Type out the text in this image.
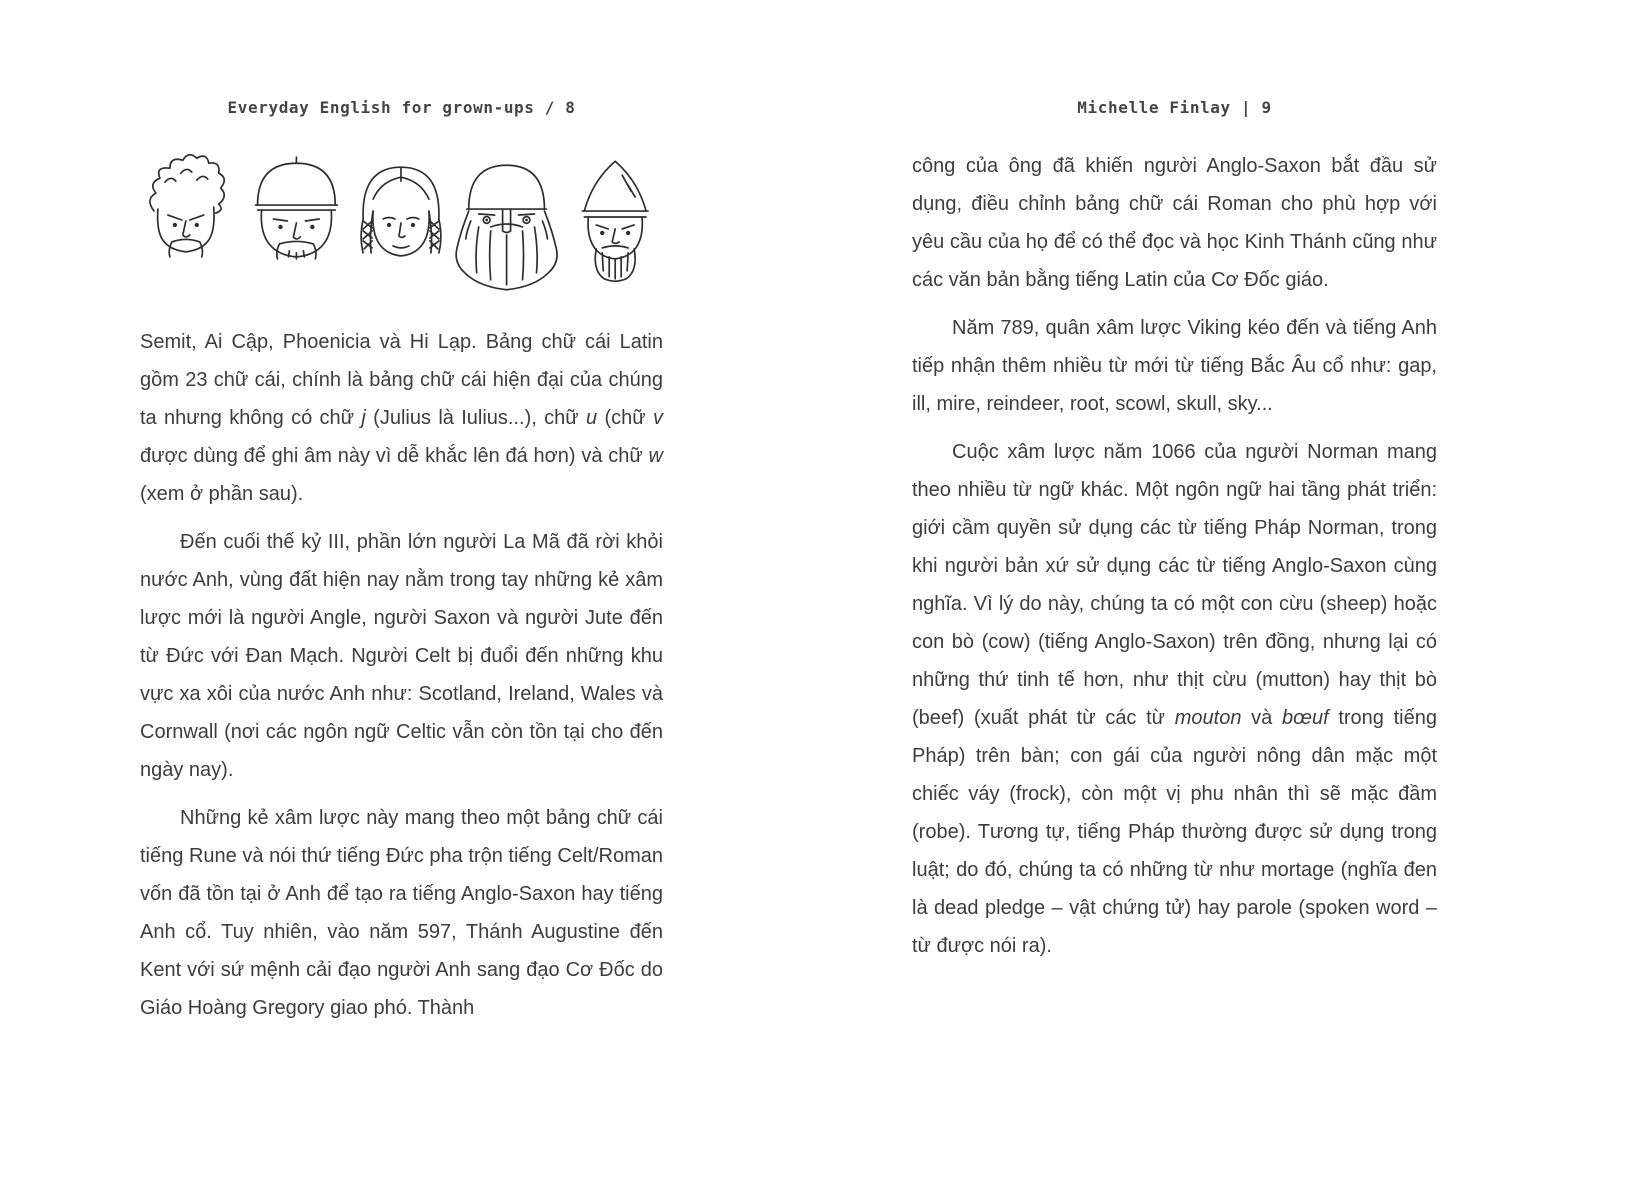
Everyday English for grown-ups / 8

Semit, Ai Cập, Phoenicia và Hi Lạp. Bảng chữ cái Latin gồm 23 chữ cái, chính là bảng chữ cái hiện đại của chúng ta nhưng không có chữ j (Julius là Iulius...), chữ u (chữ v được dùng để ghi âm này vì dễ khắc lên đá hơn) và chữ w (xem ở phần sau).

Đến cuối thế kỷ III, phần lớn người La Mã đã rời khỏi nước Anh, vùng đất hiện nay nằm trong tay những kẻ xâm lược mới là người Angle, người Saxon và người Jute đến từ Đức với Đan Mạch. Người Celt bị đuổi đến những khu vực xa xôi của nước Anh như: Scotland, Ireland, Wales và Cornwall (nơi các ngôn ngữ Celtic vẫn còn tồn tại cho đến ngày nay).

Những kẻ xâm lược này mang theo một bảng chữ cái tiếng Rune và nói thứ tiếng Đức pha trộn tiếng Celt/Roman vốn đã tồn tại ở Anh để tạo ra tiếng Anglo-Saxon hay tiếng Anh cổ. Tuy nhiên, vào năm 597, Thánh Augustine đến Kent với sứ mệnh cải đạo người Anh sang đạo Cơ Đốc do Giáo Hoàng Gregory giao phó. Thành

Michelle Finlay | 9

công của ông đã khiến người Anglo-Saxon bắt đầu sử dụng, điều chỉnh bảng chữ cái Roman cho phù hợp với yêu cầu của họ để có thể đọc và học Kinh Thánh cũng như các văn bản bằng tiếng Latin của Cơ Đốc giáo.

Năm 789, quân xâm lược Viking kéo đến và tiếng Anh tiếp nhận thêm nhiều từ mới từ tiếng Bắc Âu cổ như: gap, ill, mire, reindeer, root, scowl, skull, sky...

Cuộc xâm lược năm 1066 của người Norman mang theo nhiều từ ngữ khác. Một ngôn ngữ hai tầng phát triển: giới cầm quyền sử dụng các từ tiếng Pháp Norman, trong khi người bản xứ sử dụng các từ tiếng Anglo-Saxon cùng nghĩa. Vì lý do này, chúng ta có một con cừu (sheep) hoặc con bò (cow) (tiếng Anglo-Saxon) trên đồng, nhưng lại có những thứ tinh tế hơn, như thịt cừu (mutton) hay thịt bò (beef) (xuất phát từ các từ mouton và bœuf trong tiếng Pháp) trên bàn; con gái của người nông dân mặc một chiếc váy (frock), còn một vị phu nhân thì sẽ mặc đầm (robe). Tương tự, tiếng Pháp thường được sử dụng trong luật; do đó, chúng ta có những từ như mortage (nghĩa đen là dead pledge – vật chứng tử) hay parole (spoken word – từ được nói ra).
